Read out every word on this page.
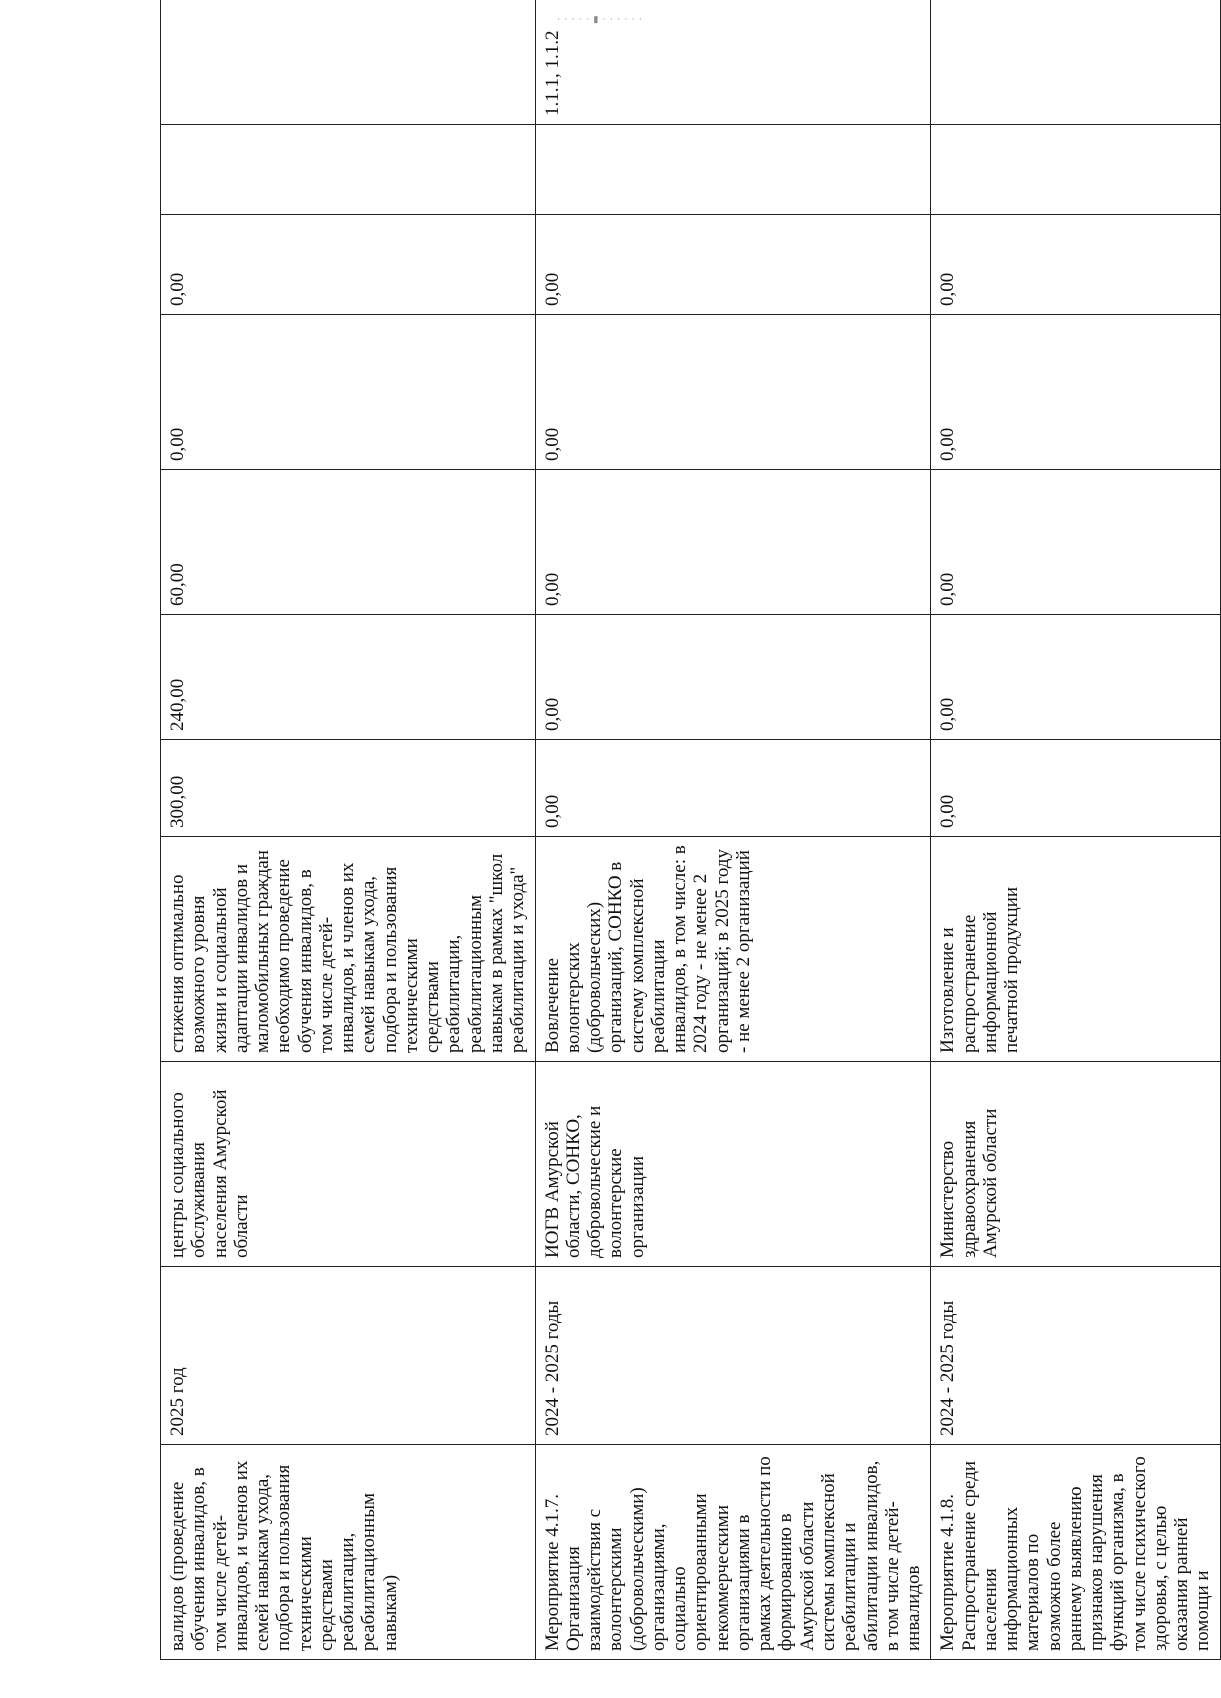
· · · · · ▮ · · · · · ·
валидов (проведение обучения инвалидов, в том числе детей-инвалидов, и членов их семей навыкам ухода, подбора и пользования техническими средствами реабилитации, реабилитационным навыкам)	2025 год	центры социального обслуживания населения Амурской области	стижения оптимально возможного уровня жизни и социальной адаптации инвалидов и маломобильных граждан необходимо проведение обучения инвалидов, в том числе детей-инвалидов, и членов их семей навыкам ухода, подбора и пользования техническими средствами реабилитации, реабилитационным навыкам в рамках "школ реабилитации и ухода"	300,00	240,00	60,00	0,00	0,00		
Мероприятие 4.1.7. Организация взаимодействия с волонтерскими (добровольческими) организациями, социально ориентированными некоммерческими организациями в рамках деятельности по формированию в Амурской области системы комплексной реабилитации и абилитации инвалидов, в том числе детей-инвалидов	2024 - 2025 годы	ИОГВ Амурской области, СОНКО, добровольческие и волонтерские организации	Вовлечение волонтерских (добровольческих) организаций, СОНКО в систему комплексной реабилитации инвалидов, в том числе: в 2024 году - не менее 2 организаций; в 2025 году - не менее 2 организаций	0,00	0,00	0,00	0,00	0,00		1.1.1, 1.1.2
Мероприятие 4.1.8. Распространение среди населения информационных материалов по возможно более раннему выявлению признаков нарушения функций организма, в том числе психического здоровья, с целью оказания ранней помощи и	2024 - 2025 годы	Министерство здравоохранения Амурской области	Изготовление и распространение информационной печатной продукции	0,00	0,00	0,00	0,00	0,00		
